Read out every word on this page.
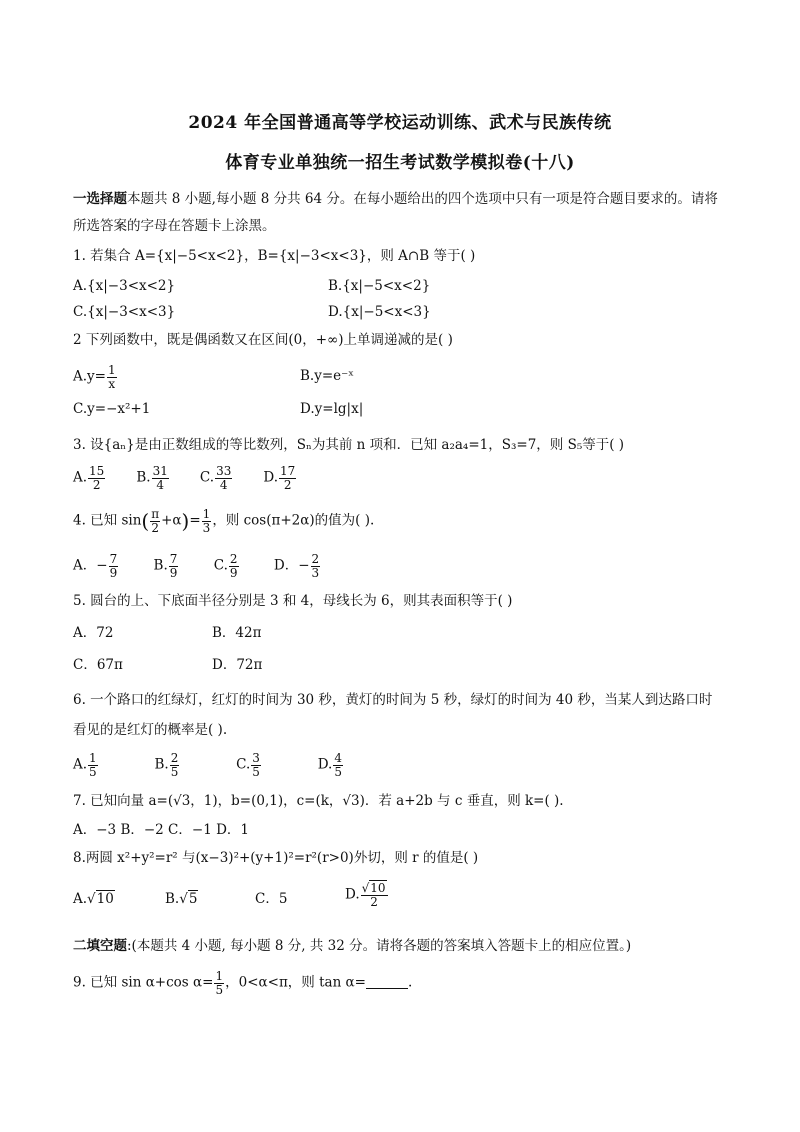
2024 年全国普通高等学校运动训练、武术与民族传统
体育专业单独统一招生考试数学模拟卷(十八)
一选择题本题共 8 小题,每小题 8 分共 64 分。在每小题给出的四个选项中只有一项是符合题目要求的。请将
所选答案的字母在答题卡上涂黑。
1. 若集合 A={x|−5<x<2}，B={x|−3<x<3}，则 A∩B 等于( )
A.{x|−3<x<2}	B.{x|−5<x<2}
C.{x|−3<x<3}	D.{x|−5<x<3}
2 下列函数中，既是偶函数又在区间(0，+∞)上单调递减的是( )
$A.y= \frac{1}{x}$	B.y=e⁻ˣ
C.y=−x²+1	D.y=lg|x|
3. 设{aₙ}是由正数组成的等比数列，Sₙ为其前 n 项和．已知 a₂a₄=1，S₃=7，则 S₅等于( )
A. $\frac{15}{2} B$. $\frac{31}{4} C$. $\frac{33}{4} D$. $\frac{17}{2}$
4. 已知 $\sin( \frac{\pi}{2} +\alpha)= \frac{1}{3}$ ，则 cos(π+2α)的值为( ).
A．− $\frac{7}{9}$	B. $\frac{7}{9}$	C. $\frac{2}{9}$	D．− $\frac{2}{3}$
5. 圆台的上、下底面半径分别是 3 和 4，母线长为 6，则其表面积等于( )
A．72	B．42π
C．67π	D．72π
6. 一个路口的红绿灯，红灯的时间为 30 秒，黄灯的时间为 5 秒，绿灯的时间为 40 秒，当某人到达路口时
看见的是红灯的概率是( ).
A. $\frac{1}{5}$	B. $\frac{2}{5}$	C. $\frac{3}{5}$	D. $\frac{4}{5}$
7. 已知向量 a=(√3，1)，b=(0,1)，c=(k，√3)．若 a+2b 与 c 垂直，则 k=( ).
A．−3 B．−2 C．−1 D．1
8.两圆 x²+y²=r² 与(x−3)²+(y+1)²=r²(r>0)外切，则 r 的值是( )
A.√10	B.√5	C．5	D. $\frac{√10}{2}$
二填空题:(本题共 4 小题, 每小题 8 分, 共 32 分。请将各题的答案填入答题卡上的相应位置。)
9. 已知 sin α+cos $\alpha= \frac{1}{5}$ ，0<α<π，则 tan α=	.
